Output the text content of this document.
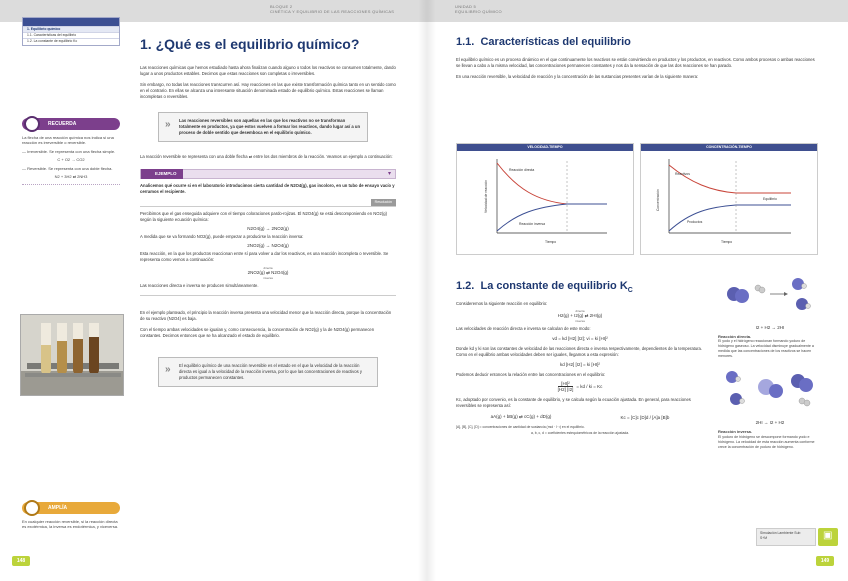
BLOQUE 2
CINÉTICA Y EQUILIBRIO DE LAS REACCIONES QUÍMICAS
UNIDAD 5
EQUILIBRIO QUÍMICO
1. Equilibrio químico
1.1. Características del equilibrio
1.2. La constante de equilibrio Kc
RECUERDA
La flecha de una reacción química nos indica si una reacción es irreversible o reversible.
— Irreversible. Se representa con una flecha simple.
C + O2 → CO2
— Reversible. Se representa con una doble flecha.
N2 + 3H2 ⇄ 2NH3
AMPLÍA
En cualquier reacción reversible, si la reacción directa es exotérmica, la inversa es endotérmica, y viceversa.
1. ¿Qué es el equilibrio químico?
Las reacciones químicas que hemos estudiado hasta ahora finalizan cuando alguno o todos los reactivos se consumen totalmente, dando lugar a unos productos estables. Decimos que estas reacciones son completas o irreversibles.
Sin embargo, no todas las reacciones transcurren así. Hay reacciones en las que existe transformación química tanto en un sentido como en el contrario. En ellas se alcanza una interesante situación denominada estado de equilibrio químico. Estas reacciones se llaman incompletas o reversibles.
» Las reacciones reversibles son aquellas en las que los reactivos no se transforman totalmente en productos, ya que estos vuelven a formar los reactivos, dando lugar así a un proceso de doble sentido que desemboca en el equilibrio químico.
La reacción reversible se representa con una doble flecha ⇄ entre los dos miembros de la reacción. Veamos un ejemplo a continuación:
EJEMPLO	▾
Analicemos qué ocurre si en el laboratorio introducimos cierta cantidad de N2O4(g), gas incoloro, en un tubo de ensayo vacío y cerramos el recipiente.
Resolución
Percibimos que el gas enseguida adquiere con el tiempo coloraciones pardo-rojizas. El N2O4(g) se está descomponiendo en NO2(g) según la siguiente ecuación química:
N2O4(g) → 2NO2(g)
A medida que se va formando NO2(g), puede empezar a producirse la reacción inversa:
2NO2(g) → N2O4(g)
Esta reacción, en la que los productos reaccionan entre sí para volver a dar los reactivos, es una reacción incompleta o reversible. Se representa como vemos a continuación:
directa
2NO2(g) ⇄ N2O4(g)
inversa
Las reacciones directa e inversa se producen simultáneamente.
En el ejemplo planteado, el principio la reacción inversa presenta una velocidad menor que la reacción directa, porque la concentración de su reactivo (N2O4) es baja.
Con el tiempo ambas velocidades se igualan y, como consecuencia, la concentración de NO2(g) y la de N2O4(g) permanecen constantes. Decimos entonces que se ha alcanzado el estado de equilibrio.
» El equilibrio químico de una reacción reversible es el estado en el que la velocidad de la reacción directa es igual a la velocidad de la reacción inversa, por lo que las concentraciones de reactivos y productos permanecen constantes.
1.1. Características del equilibrio
El equilibrio químico es un proceso dinámico en el que continuamente los reactivos se están convirtiendo en productos y los productos, en reactivos. Como ambos procesos o ambas reacciones se llevan a cabo a la misma velocidad, las concentraciones permanecen constantes y nos da la sensación de que las dos reacciones se han parado.
En una reacción reversible, la velocidad de reacción y la concentración de las sustancias presentes varían de la siguiente manera:
VELOCIDAD-TIEMPO
Velocidad de reacción
Reacción directa
Reacción inversa
Tiempo
CONCENTRACIÓN-TIEMPO
Concentración
Reactivos
Equilibrio
Productos
Tiempo
1.2. La constante de equilibrio $K_C$
Consideremos la siguiente reacción en equilibrio:
directa
H2(g) + I2(g) ⇄ 2HI(g)
inversa
Las velocidades de reacción directa e inversa se calculan de este modo:
vd = kd [H2] [I2]; vi = ki [HI]²
Donde kd y ki son las constantes de velocidad de las reacciones directa e inversa respectivamente, dependientes de la temperatura. Como en el equilibrio ambas velocidades deben ser iguales, llegamos a esta expresión:
kd [H2] [I2] = ki [HI]²
Podemos deducir entonces la relación entre las concentraciones en el equilibrio:
$\frac{\text{[HI]²}}{[H2] [I2]}$ = kd / ki = Kc
Kc, adoptado por convenio, es la constante de equilibrio, y se calcula según la ecuación ajustada. En general, para reacciones reversibles se representa así:
aA(g) + bB(g) ⇄ cC(g) + dD(g)	Kc = [C]c [D]d / [A]a [B]b
[A], [B], [C], [D] = concentraciones de cantidad de sustancia (mol · l⁻¹) en el equilibrio.
a, b, c, d = coeficientes estequiométricos de la reacción ajustada.
I2 + H2 → 2HI
Reacción directa.
El yodo y el hidrógeno reaccionan formando yoduro de hidrógeno gaseoso. La velocidad disminuye gradualmente a medida que las concentraciones de los reactivos se hacen menores.
2HI → I2 + H2
Reacción inversa.
El yoduro de hidrógeno se descompone formando yodo e hidrógeno. La velocidad de esta reacción aumenta conforme crece la concentración de yoduro de hidrógeno.
Simulación Lambiente Sub
S+M	▣
148	149
